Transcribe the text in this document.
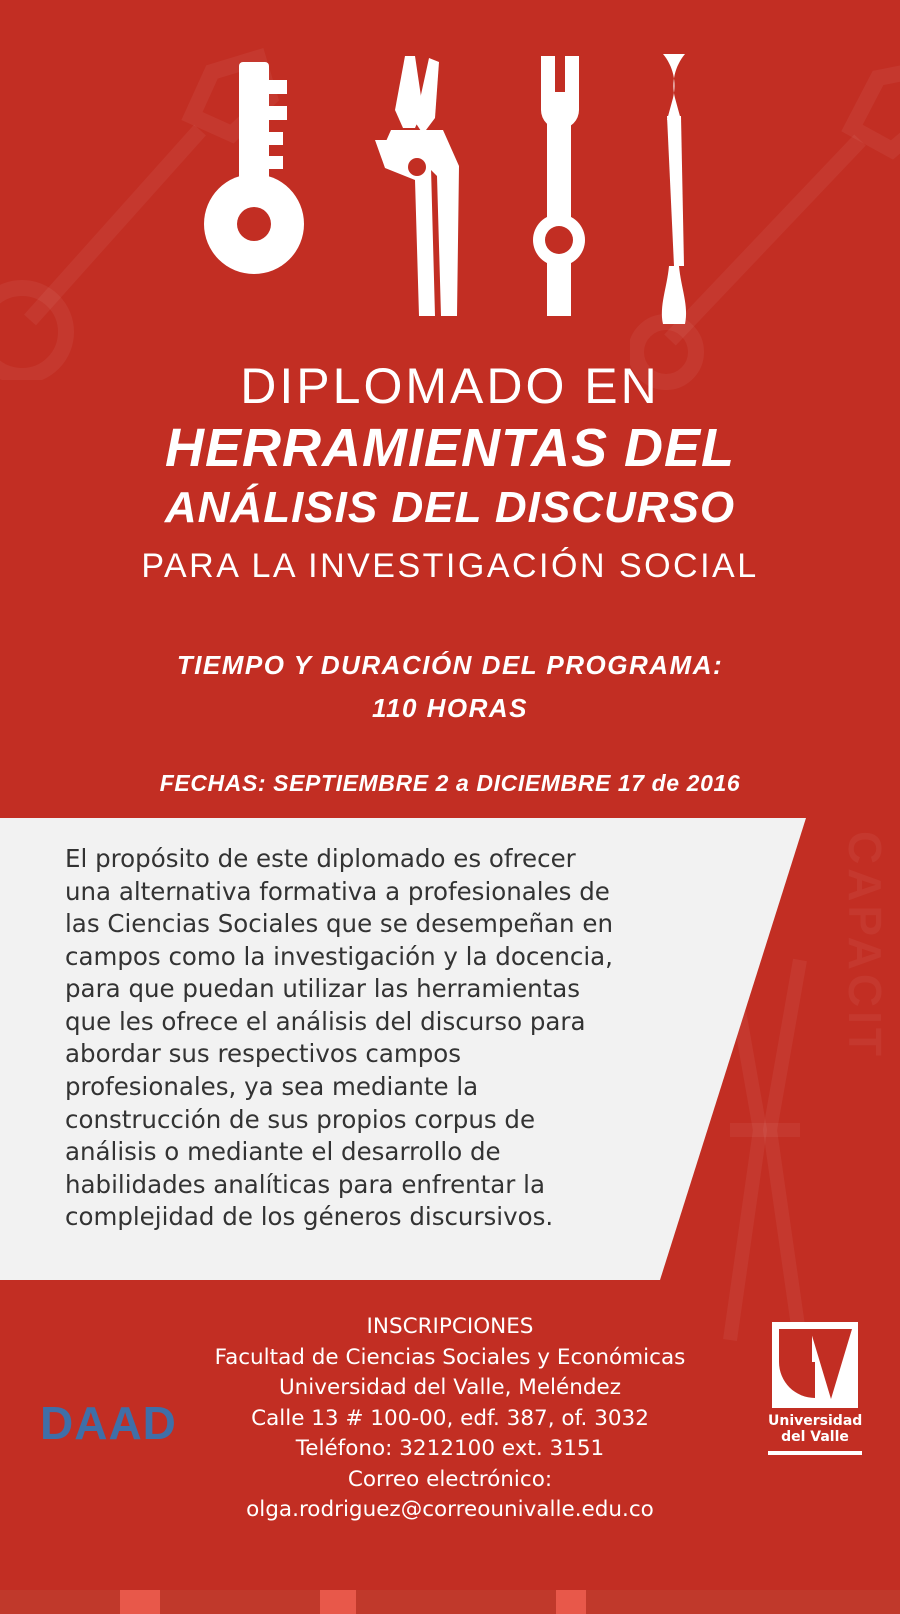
CAPACIT
DIPLOMADO EN
HERRAMIENTAS DEL
ANÁLISIS DEL DISCURSO
PARA LA INVESTIGACIÓN SOCIAL
TIEMPO Y DURACIÓN DEL PROGRAMA:
110 HORAS
FECHAS: SEPTIEMBRE 2 a DICIEMBRE 17 de 2016
El propósito de este diplomado es ofrecer una alternativa formativa a profesionales de las Ciencias Sociales que se desempeñan en campos como la investigación y la docencia, para que puedan utilizar las herramientas que les ofrece el análisis del discurso para abordar sus respectivos campos profesionales, ya sea mediante la construcción de sus propios corpus de análisis o mediante el desarrollo de habilidades analíticas para enfrentar la complejidad de los géneros discursivos.
INSCRIPCIONES
Facultad de Ciencias Sociales y Económicas
Universidad del Valle, Meléndez
Calle 13 # 100-00, edf. 387, of. 3032
Teléfono: 3212100 ext. 3151
Correo electrónico:
olga.rodriguez@correounivalle.edu.co
DAAD	Universidad
del Valle
